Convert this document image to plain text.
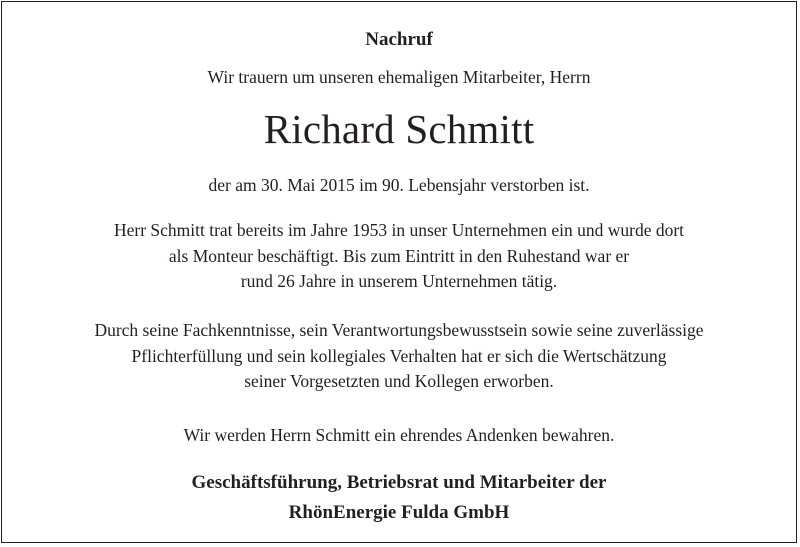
Nachruf
Wir trauern um unseren ehemaligen Mitarbeiter, Herrn
Richard Schmitt
der am 30. Mai 2015 im 90. Lebensjahr verstorben ist.
Herr Schmitt trat bereits im Jahre 1953 in unser Unternehmen ein und wurde dort
als Monteur beschäftigt. Bis zum Eintritt in den Ruhestand war er
rund 26 Jahre in unserem Unternehmen tätig.
Durch seine Fachkenntnisse, sein Verantwortungsbewusstsein sowie seine zuverlässige
Pflichterfüllung und sein kollegiales Verhalten hat er sich die Wertschätzung
seiner Vorgesetzten und Kollegen erworben.
Wir werden Herrn Schmitt ein ehrendes Andenken bewahren.
Geschäftsführung, Betriebsrat und Mitarbeiter der
RhönEnergie Fulda GmbH
